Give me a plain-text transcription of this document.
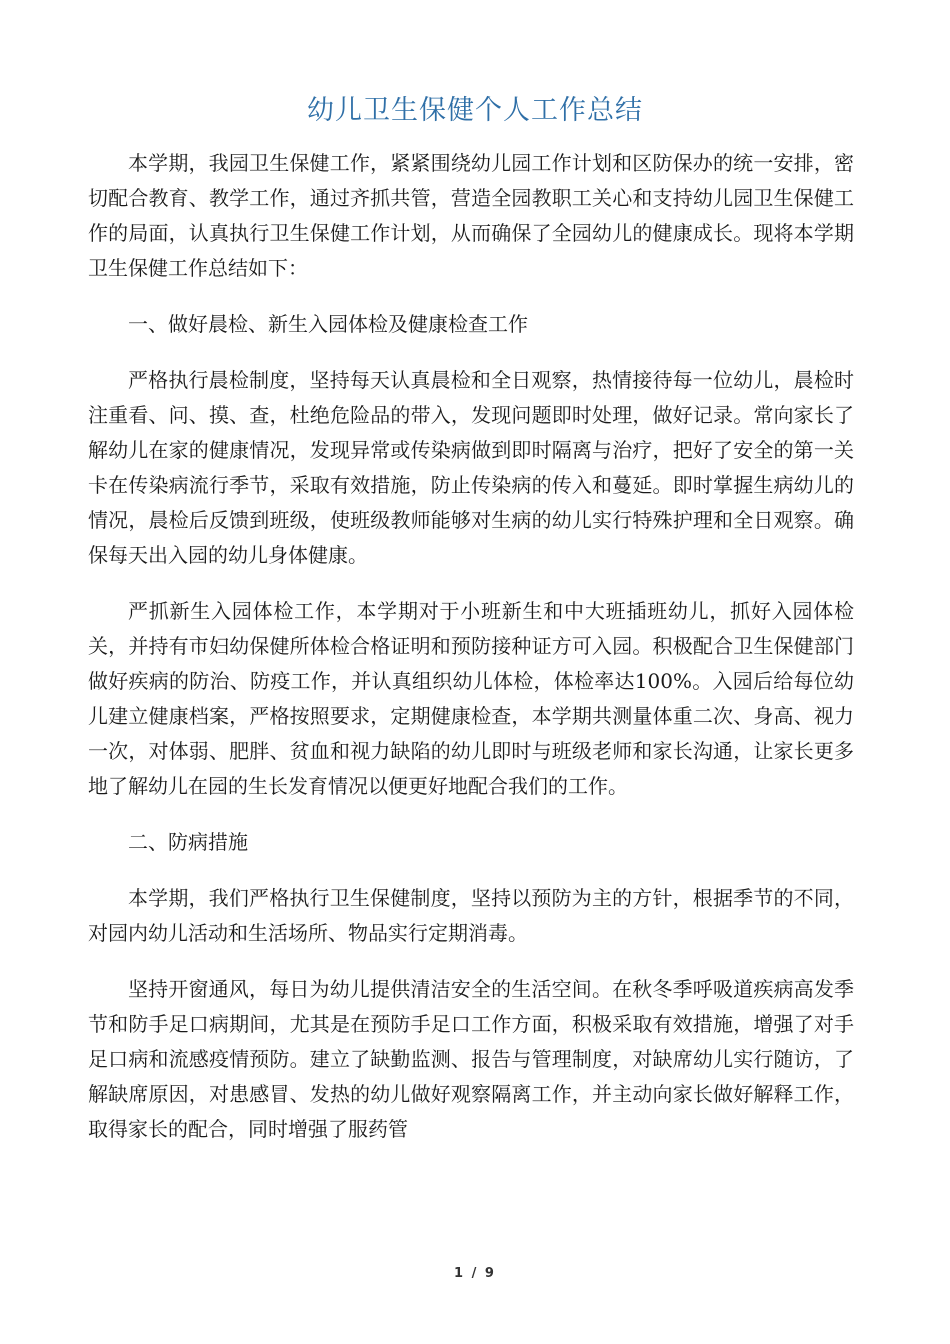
幼儿卫生保健个人工作总结

本学期，我园卫生保健工作，紧紧围绕幼儿园工作计划和区防保办的统一安排，密切配合教育、教学工作，通过齐抓共管，营造全园教职工关心和支持幼儿园卫生保健工作的局面，认真执行卫生保健工作计划，从而确保了全园幼儿的健康成长。现将本学期卫生保健工作总结如下：

一、做好晨检、新生入园体检及健康检查工作

严格执行晨检制度，坚持每天认真晨检和全日观察，热情接待每一位幼儿，晨检时注重看、问、摸、查，杜绝危险品的带入，发现问题即时处理，做好记录。常向家长了解幼儿在家的健康情况，发现异常或传染病做到即时隔离与治疗，把好了安全的第一关卡在传染病流行季节，采取有效措施，防止传染病的传入和蔓延。即时掌握生病幼儿的情况，晨检后反馈到班级，使班级教师能够对生病的幼儿实行特殊护理和全日观察。确保每天出入园的幼儿身体健康。

严抓新生入园体检工作，本学期对于小班新生和中大班插班幼儿，抓好入园体检关，并持有市妇幼保健所体检合格证明和预防接种证方可入园。积极配合卫生保健部门做好疾病的防治、防疫工作，并认真组织幼儿体检，体检率达100%。入园后给每位幼儿建立健康档案，严格按照要求，定期健康检查，本学期共测量体重二次、身高、视力一次，对体弱、肥胖、贫血和视力缺陷的幼儿即时与班级老师和家长沟通，让家长更多地了解幼儿在园的生长发育情况以便更好地配合我们的工作。

二、防病措施

本学期，我们严格执行卫生保健制度，坚持以预防为主的方针，根据季节的不同，对园内幼儿活动和生活场所、物品实行定期消毒。

坚持开窗通风，每日为幼儿提供清洁安全的生活空间。在秋冬季呼吸道疾病高发季节和防手足口病期间，尤其是在预防手足口工作方面，积极采取有效措施，增强了对手足口病和流感疫情预防。建立了缺勤监测、报告与管理制度，对缺席幼儿实行随访，了解缺席原因，对患感冒、发热的幼儿做好观察隔离工作，并主动向家长做好解释工作，取得家长的配合，同时增强了服药管

1 / 9
